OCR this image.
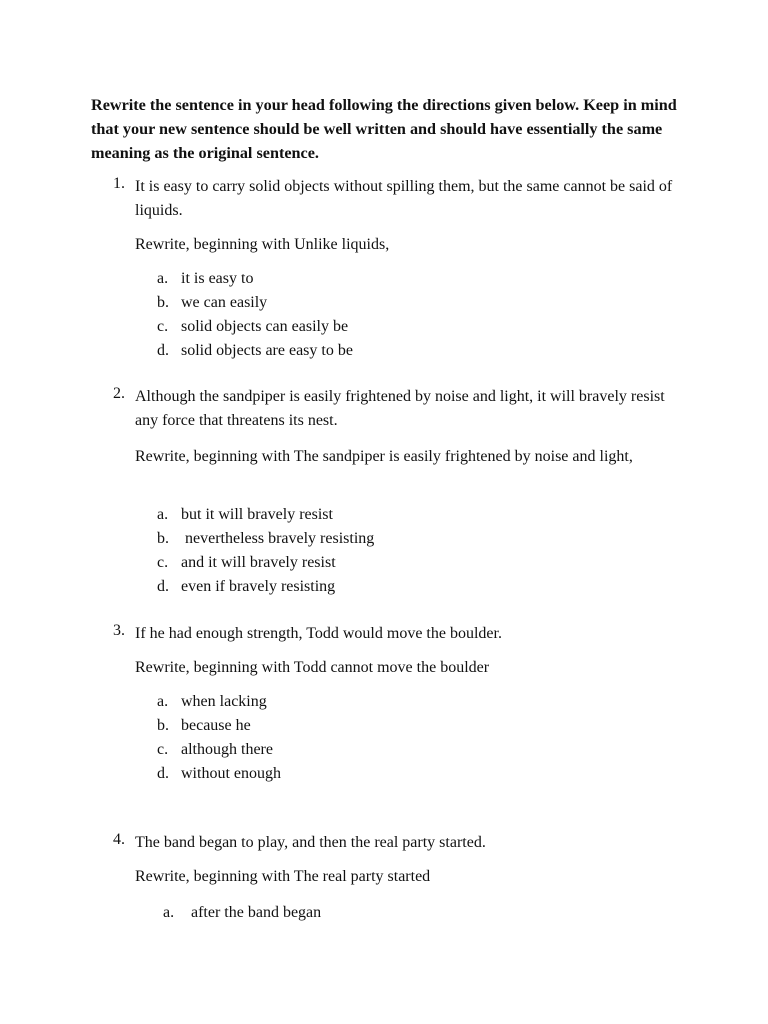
Rewrite the sentence in your head following the directions given below. Keep in mind that your new sentence should be well written and should have essentially the same meaning as the original sentence.
1. It is easy to carry solid objects without spilling them, but the same cannot be said of liquids.
Rewrite, beginning with Unlike liquids,
a. it is easy to
b. we can easily
c. solid objects can easily be
d. solid objects are easy to be
2. Although the sandpiper is easily frightened by noise and light, it will bravely resist any force that threatens its nest.
Rewrite, beginning with The sandpiper is easily frightened by noise and light,
a. but it will bravely resist
b. nevertheless bravely resisting
c. and it will bravely resist
d. even if bravely resisting
3. If he had enough strength, Todd would move the boulder.
Rewrite, beginning with Todd cannot move the boulder
a. when lacking
b. because he
c. although there
d. without enough
4. The band began to play, and then the real party started.
Rewrite, beginning with The real party started
a. after the band began
